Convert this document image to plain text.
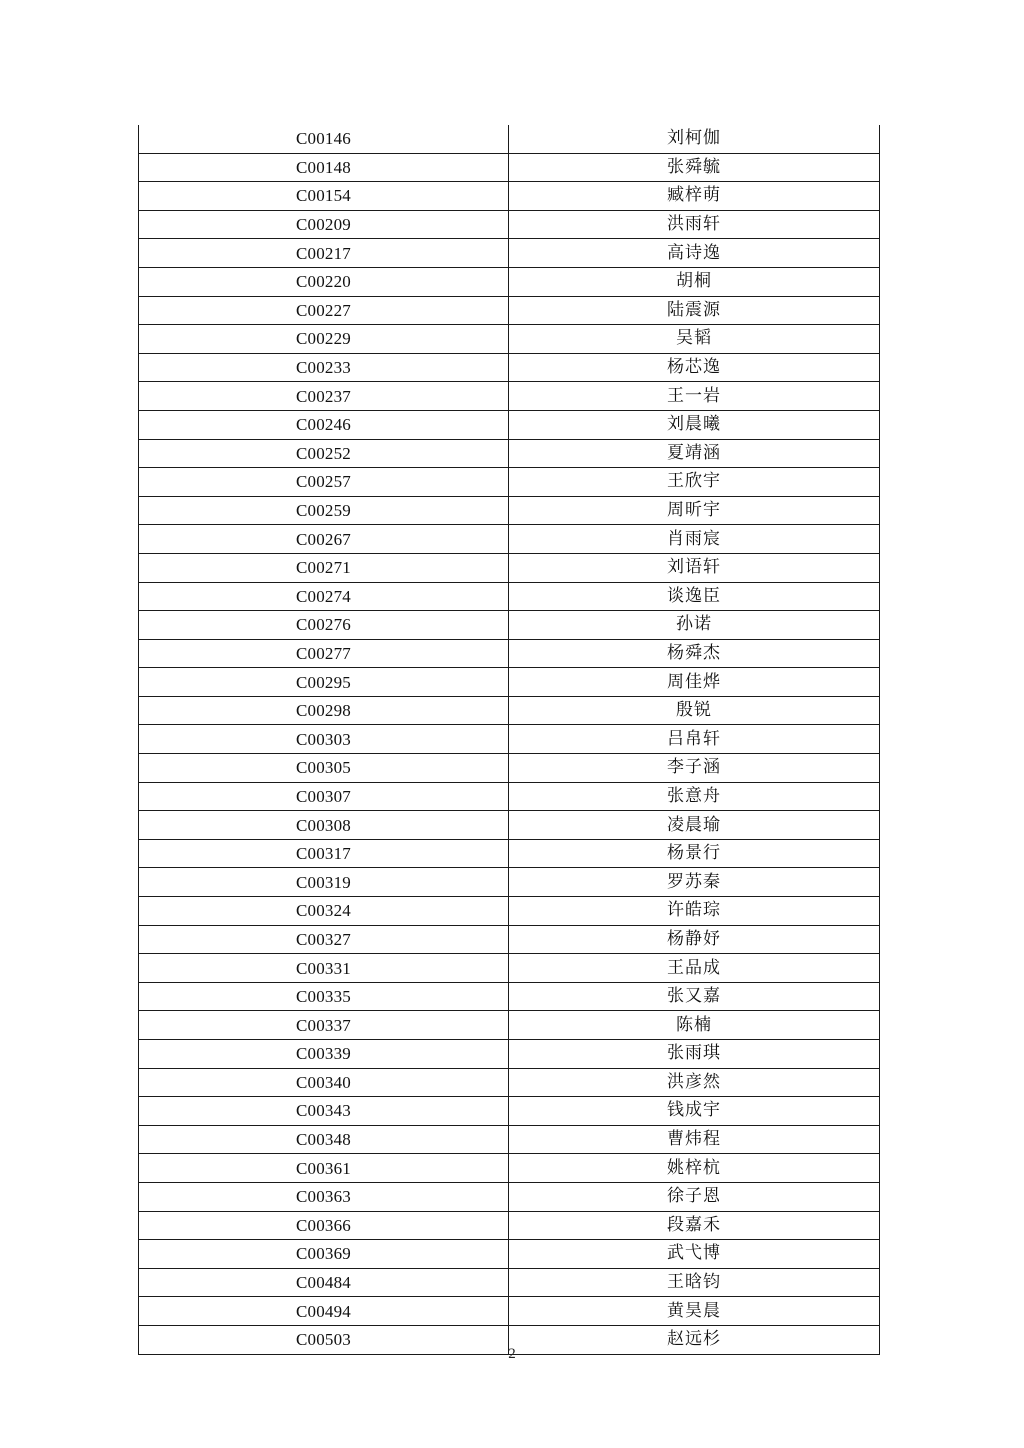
C00146	刘柯伽
C00148	张舜毓
C00154	臧梓萌
C00209	洪雨轩
C00217	高诗逸
C00220	胡桐
C00227	陆震源
C00229	吴韬
C00233	杨芯逸
C00237	王一岩
C00246	刘晨曦
C00252	夏靖涵
C00257	王欣宇
C00259	周昕宇
C00267	肖雨宸
C00271	刘语轩
C00274	谈逸臣
C00276	孙诺
C00277	杨舜杰
C00295	周佳烨
C00298	殷锐
C00303	吕帛轩
C00305	李子涵
C00307	张意舟
C00308	凌晨瑜
C00317	杨景行
C00319	罗苏秦
C00324	许皓琮
C00327	杨静妤
C00331	王品成
C00335	张又嘉
C00337	陈楠
C00339	张雨琪
C00340	洪彦然
C00343	钱成宇
C00348	曹炜程
C00361	姚梓杭
C00363	徐子恩
C00366	段嘉禾
C00369	武弋博
C00484	王晗钧
C00494	黄昊晨
C00503	赵远杉
2
